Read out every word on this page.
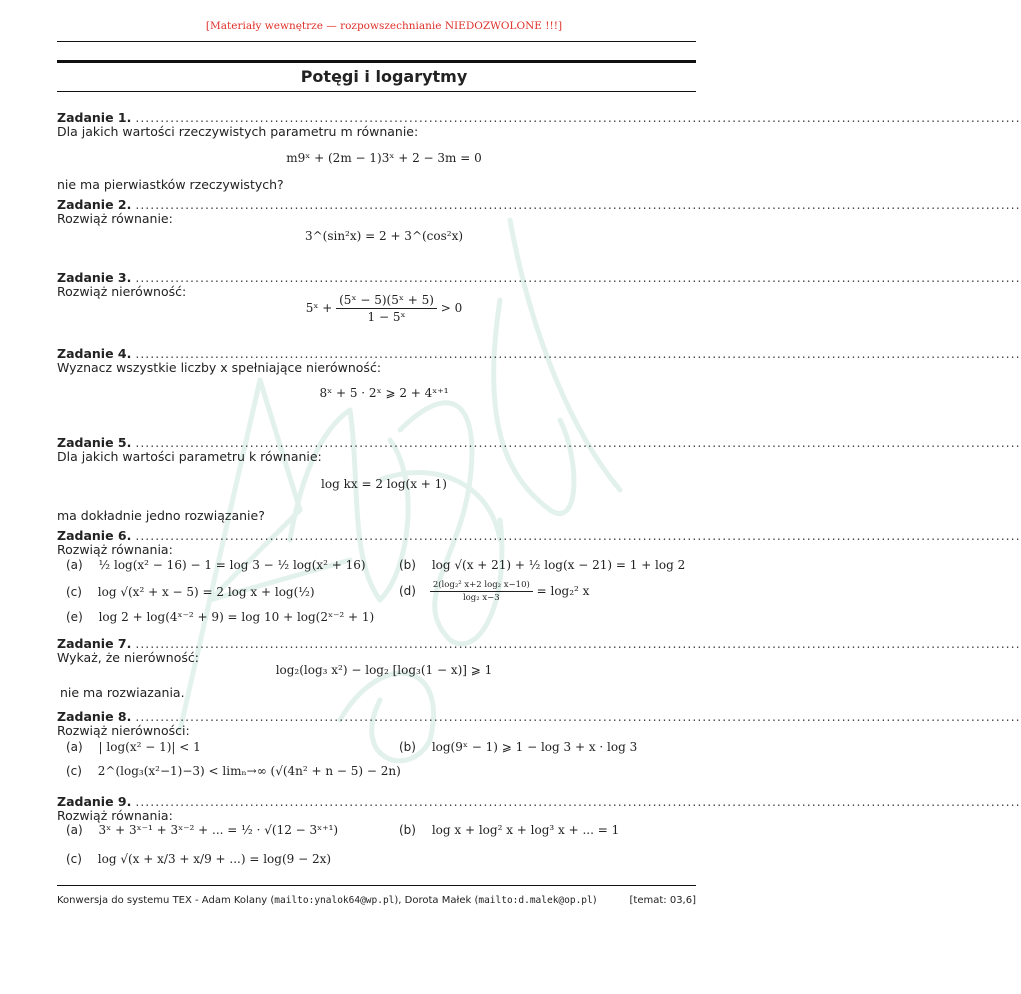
[Materiały wewnętrze — rozpowszechnianie NIEDOZWOLONE !!!]
Potęgi i logarytmy
Zadanie 1. ..................................................................................................................................................................................
Dla jakich wartości rzeczywistych parametru m równanie:
m9ˣ + (2m − 1)3ˣ + 2 − 3m = 0
nie ma pierwiastków rzeczywistych?
Zadanie 2. ..................................................................................................................................................................................
Rozwiąż równanie:
3^(sin²x) = 2 + 3^(cos²x)
Zadanie 3. ..................................................................................................................................................................................
Rozwiąż nierówność:
5ˣ + $\frac{\text{(5ˣ − 5)(5ˣ + 5)}}{\text{1 − 5ˣ}} > 0$
Zadanie 4. ..................................................................................................................................................................................
Wyznacz wszystkie liczby x spełniające nierówność:
8ˣ + 5 · 2ˣ ⩾ 2 + 4ˣ⁺¹
Zadanie 5. ..................................................................................................................................................................................
Dla jakich wartości parametru k równanie:
log kx = 2 log(x + 1)
ma dokładnie jedno rozwiązanie?
Zadanie 6. ..................................................................................................................................................................................
Rozwiąż równania:
(a) ½ log(x² − 16) − 1 = log 3 − ½ log(x² + 16)	(b) log √(x + 21) + ½ log(x − 21) = 1 + log 2
(c) log √(x² + x − 5) = 2 log x + log(½)	$(d) \frac{\text{2(log₂² x+2 log₂ x−10)}}{\text{log₂ x−3}} = \log_2^2$ x
(e) log 2 + log(4ˣ⁻² + 9) = log 10 + log(2ˣ⁻² + 1)
Zadanie 7. ..................................................................................................................................................................................
Wykaż, że nierówność:
log₂(log₃ x²) − log₂ [log₃(1 − x)] ⩾ 1
nie ma rozwiazania.
Zadanie 8. ..................................................................................................................................................................................
Rozwiąż nierówności:
(a) | log(x² − 1)| < 1	(b) log(9ˣ − 1) ⩾ 1 − log 3 + x · log 3
(c) 2^(log₃(x²−1)−3) < limₙ→∞ (√(4n² + n − 5) − 2n)
Zadanie 9. ..................................................................................................................................................................................
Rozwiąż równania:
(a) 3ˣ + 3ˣ⁻¹ + 3ˣ⁻² + ... = ½ · √(12 − 3ˣ⁺¹)	(b) log x + log² x + log³ x + ... = 1
(c) log √(x + x/3 + x/9 + ...) = log(9 − 2x)
Konwersja do systemu TEX - Adam Kolany (mailto:ynalok64@wp.pl), Dorota Małek (mailto:d.malek@op.pl)	[temat: 03,6]
